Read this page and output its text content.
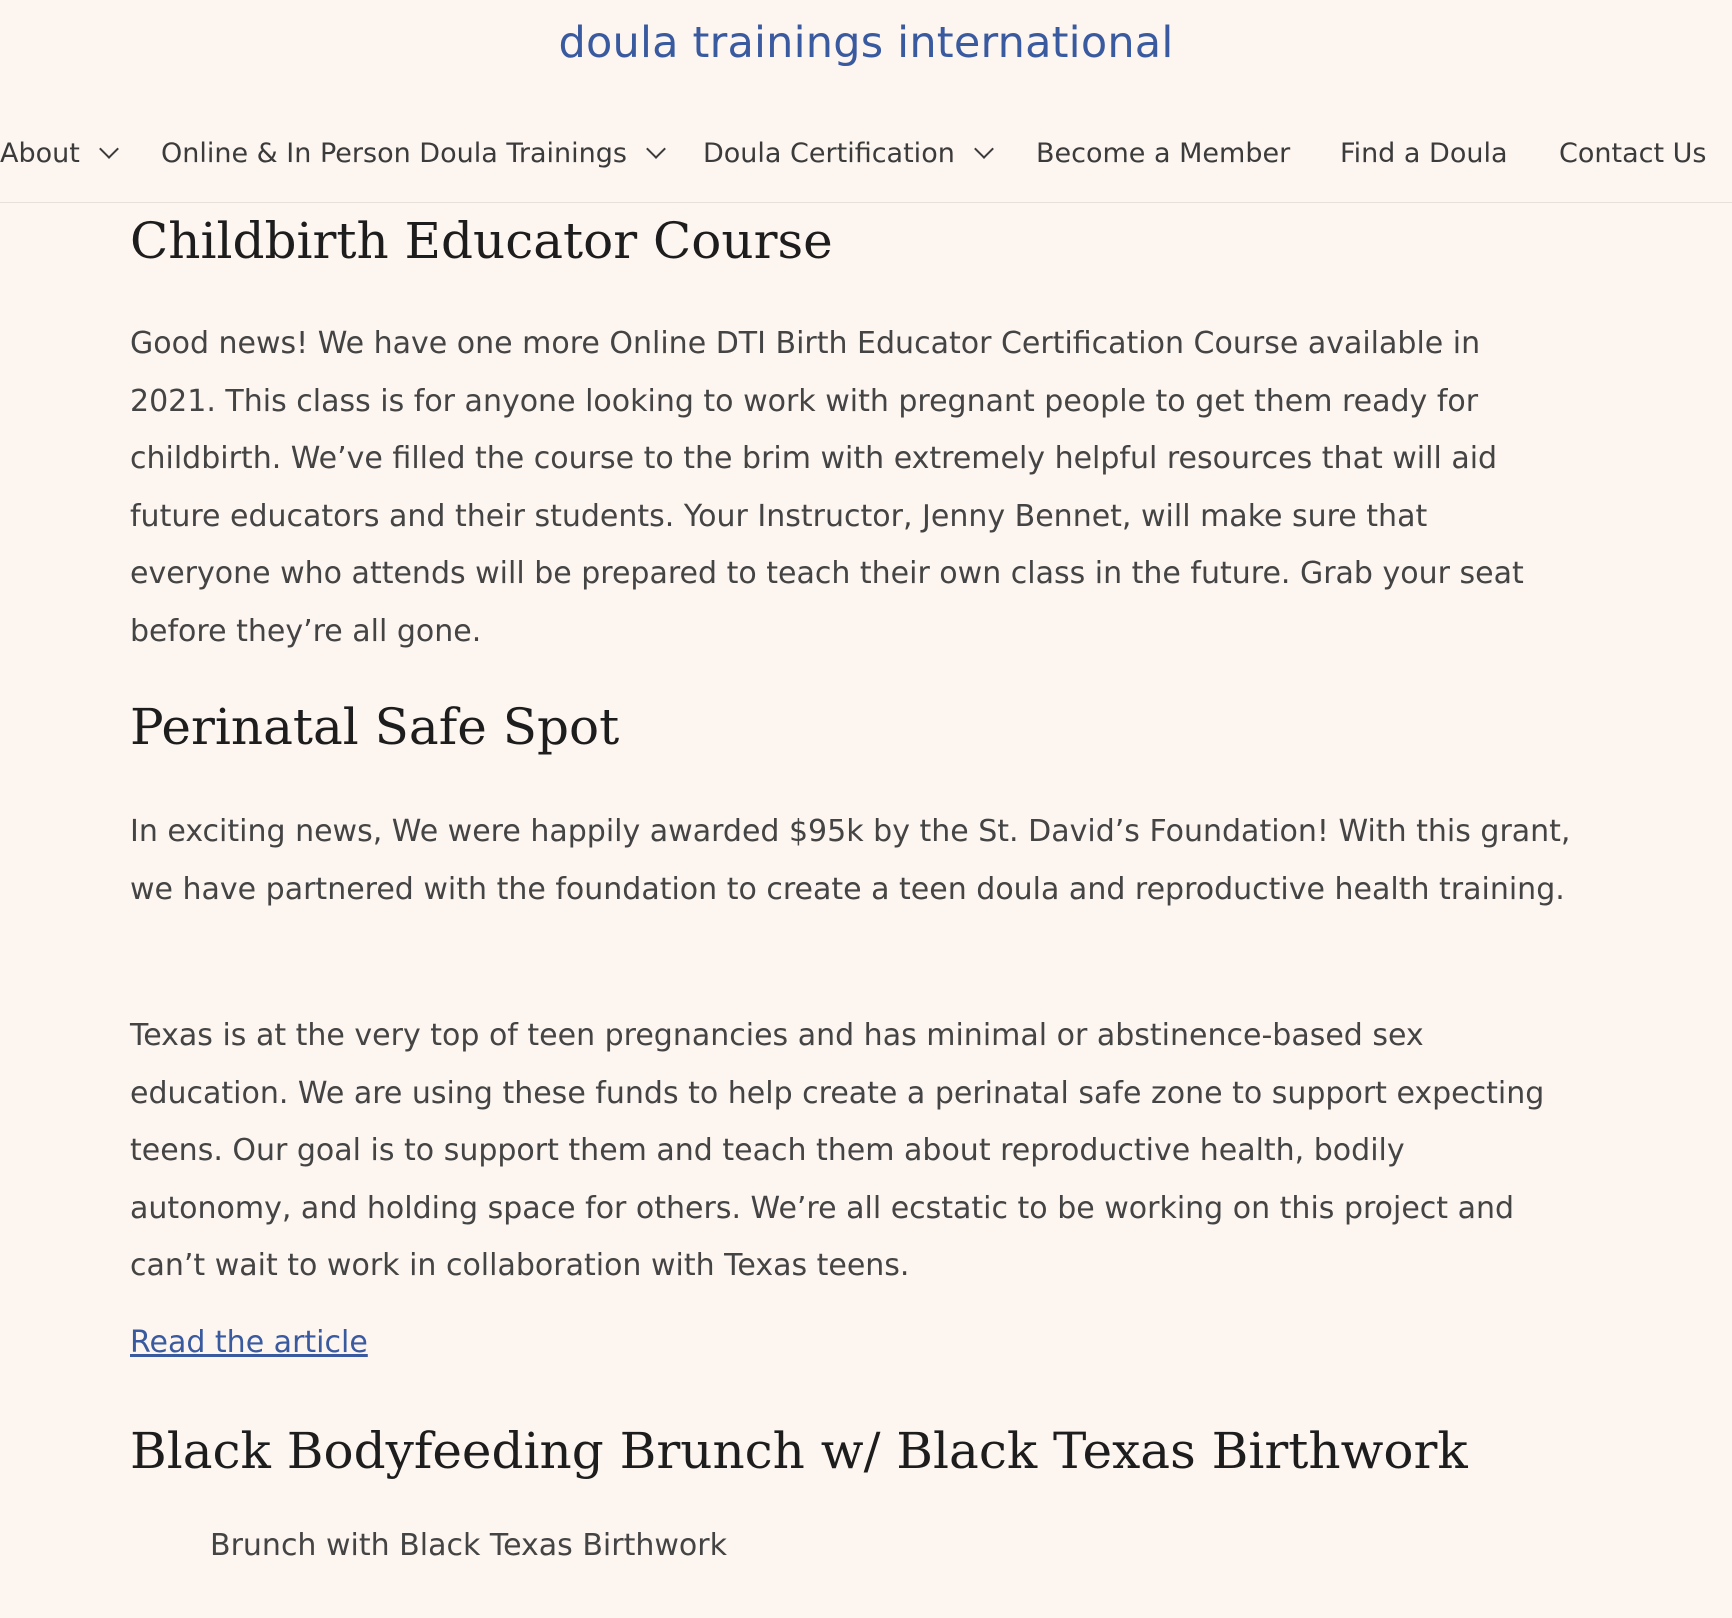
doula trainings international
About	Online & In Person Doula Trainings	Doula Certification	Become a Member Find a Doula Contact Us
Childbirth Educator Course

Good news! We have one more Online DTI Birth Educator Certification Course available in 2021. This class is for anyone looking to work with pregnant people to get them ready for childbirth. We’ve filled the course to the brim with extremely helpful resources that will aid future educators and their students. Your Instructor, Jenny Bennet, will make sure that everyone who attends will be prepared to teach their own class in the future. Grab your seat before they’re all gone.

Perinatal Safe Spot

In exciting news, We were happily awarded $95k by the St. David’s Foundation! With this grant, we have partnered with the foundation to create a teen doula and reproductive health training.

Texas is at the very top of teen pregnancies and has minimal or abstinence-based sex education. We are using these funds to help create a perinatal safe zone to support expecting teens. Our goal is to support them and teach them about reproductive health, bodily autonomy, and holding space for others. We’re all ecstatic to be working on this project and can’t wait to work in collaboration with Texas teens.

Read the article
Black Bodyfeeding Brunch w/ Black Texas Birthwork
Brunch with Black Texas Birthwork
